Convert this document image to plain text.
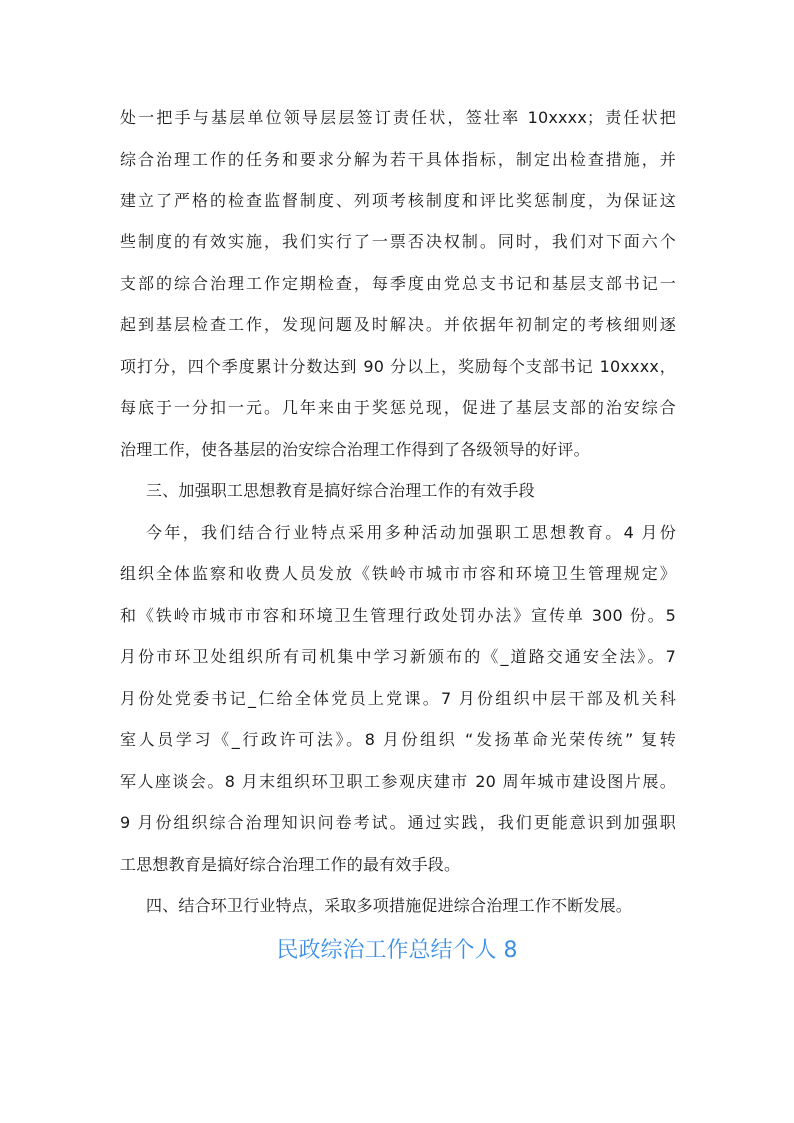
处一把手与基层单位领导层层签订责任状，签壮率 10xxxx；责任状把
综合治理工作的任务和要求分解为若干具体指标，制定出检查措施，并
建立了严格的检查监督制度、列项考核制度和评比奖惩制度，为保证这
些制度的有效实施，我们实行了一票否决权制。同时，我们对下面六个
支部的综合治理工作定期检查，每季度由党总支书记和基层支部书记一
起到基层检查工作，发现问题及时解决。并依据年初制定的考核细则逐
项打分，四个季度累计分数达到 90 分以上，奖励每个支部书记 10xxxx，
每底于一分扣一元。几年来由于奖惩兑现，促进了基层支部的治安综合
治理工作，使各基层的治安综合治理工作得到了各级领导的好评。
三、加强职工思想教育是搞好综合治理工作的有效手段
今年，我们结合行业特点采用多种活动加强职工思想教育。4 月份
组织全体监察和收费人员发放《铁岭市城市市容和环境卫生管理规定》
和《铁岭市城市市容和环境卫生管理行政处罚办法》宣传单 300 份。5
月份市环卫处组织所有司机集中学习新颁布的《_道路交通安全法》。7
月份处党委书记_仁给全体党员上党课。7 月份组织中层干部及机关科
室人员学习《_行政许可法》。8 月份组织 “发扬革命光荣传统” 复转
军人座谈会。8 月末组织环卫职工参观庆建市 20 周年城市建设图片展。
9 月份组织综合治理知识问卷考试。通过实践，我们更能意识到加强职
工思想教育是搞好综合治理工作的最有效手段。
四、结合环卫行业特点，采取多项措施促进综合治理工作不断发展。
民政综治工作总结个人 8
